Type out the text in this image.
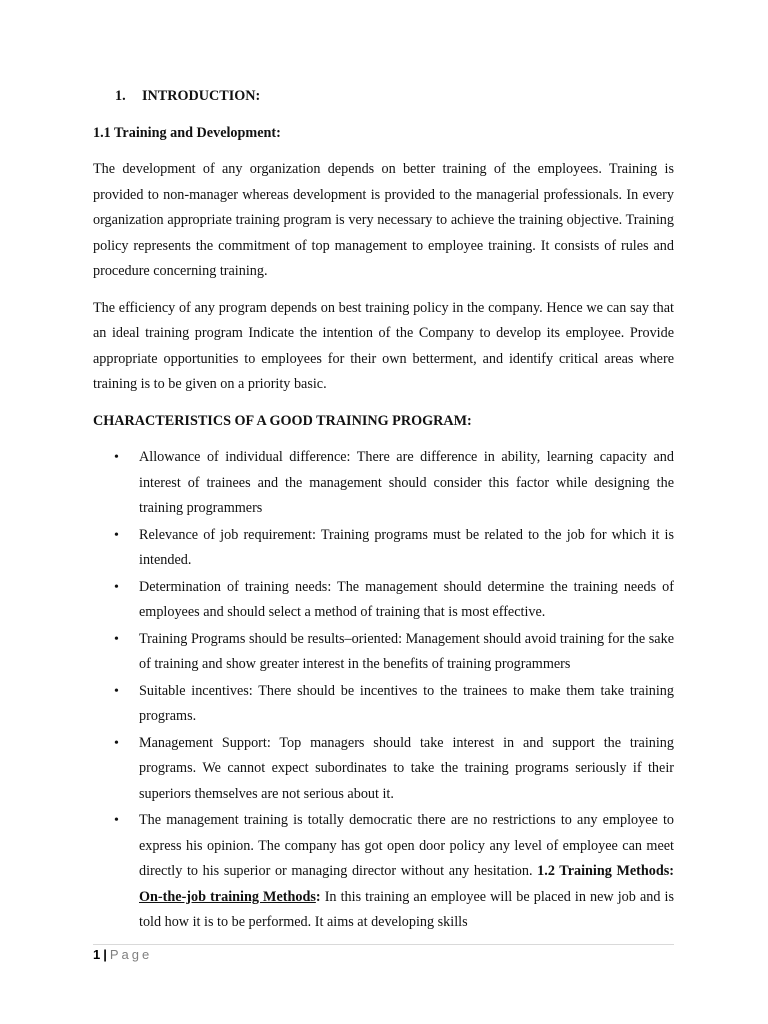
1. INTRODUCTION:
1.1 Training and Development:

The development of any organization depends on better training of the employees. Training is provided to non-manager whereas development is provided to the managerial professionals. In every organization appropriate training program is very necessary to achieve the training objective. Training policy represents the commitment of top management to employee training. It consists of rules and procedure concerning training.

The efficiency of any program depends on best training policy in the company. Hence we can say that an ideal training program Indicate the intention of the Company to develop its employee. Provide appropriate opportunities to employees for their own betterment, and identify critical areas where training is to be given on a priority basic.

CHARACTERISTICS OF A GOOD TRAINING PROGRAM:
• Allowance of individual difference: There are difference in ability, learning capacity and interest of trainees and the management should consider this factor while designing the training programmers
• Relevance of job requirement: Training programs must be related to the job for which it is intended.
• Determination of training needs: The management should determine the training needs of employees and should select a method of training that is most effective.
• Training Programs should be results–oriented: Management should avoid training for the sake of training and show greater interest in the benefits of training programmers
• Suitable incentives: There should be incentives to the trainees to make them take training programs.
• Management Support: Top managers should take interest in and support the training programs. We cannot expect subordinates to take the training programs seriously if their superiors themselves are not serious about it.
• The management training is totally democratic there are no restrictions to any employee to express his opinion. The company has got open door policy any level of employee can meet directly to his superior or managing director without any hesitation. 1.2 Training Methods: On-the-job training Methods: In this training an employee will be placed in new job and is told how it is to be performed. It aims at developing skills
1 | Page
